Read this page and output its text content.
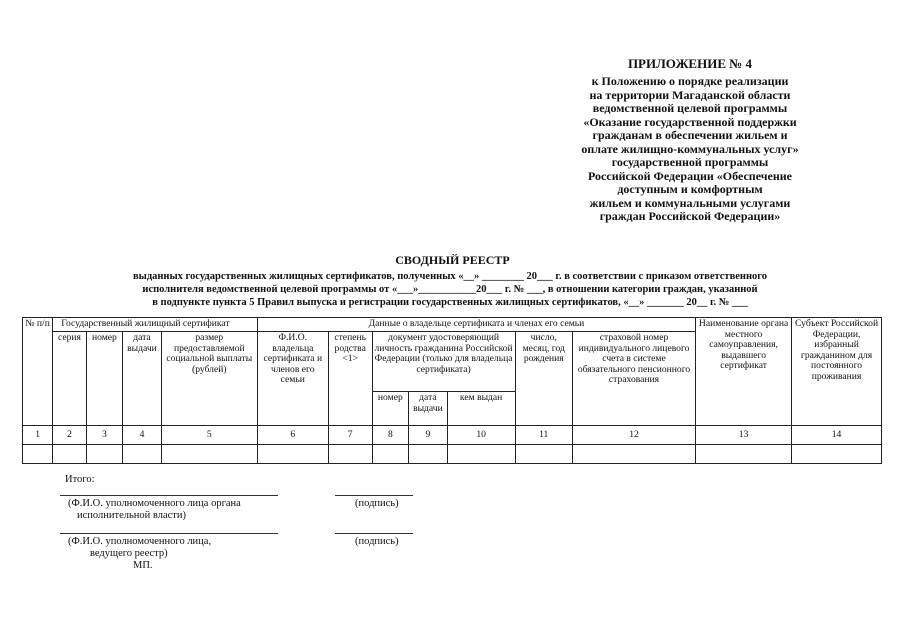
ПРИЛОЖЕНИЕ № 4
к Положению о порядке реализации
на территории Магаданской области
ведомственной целевой программы
«Оказание государственной поддержки
гражданам в обеспечении жильем и
оплате жилищно-коммунальных услуг»
государственной программы
Российской Федерации «Обеспечение
доступным и комфортным
жильем и коммунальными услугами
граждан Российской Федерации»
СВОДНЫЙ РЕЕСТР
выданных государственных жилищных сертификатов, полученных «__» ________ 20___ г. в соответствии с приказом ответственного
исполнителя ведомственной целевой программы от «___»___________20___ г. № ___, в отношении категории граждан, указанной
в подпункте пункта 5 Правил выпуска и регистрации государственных жилищных сертификатов, «__» _______ 20__ г. № ___
№ п/п	Государственный жилищный сертификат				Данные о владельце сертификата и членах его семьи							Наименование органа местного самоуправления, выдавшего сертификат	Субъект Российской Федерации, избранный гражданином для постоянного проживания
	серия	номер	дата выдачи	размер предоставляемой социальной выплаты (рублей)	Ф.И.О. владельца сертификата и членов его семьи	степень родства <1>	документ удостоверяющий личность гражданина Российской Федерации (только для владельца сертификата)			число, месяц, год рождения	страховой номер индивидуального лицевого счета в системе обязательного пенсионного страхования		
							номер	дата выдачи	кем выдан				
1	2	3	4	5	6	7	8	9	10	11	12	13	14

Итого:
(Ф.И.О. уполномоченного лица органа
исполнительной власти)
(подпись)
(Ф.И.О. уполномоченного лица,
ведущего реестр)
(подпись)
МП.
